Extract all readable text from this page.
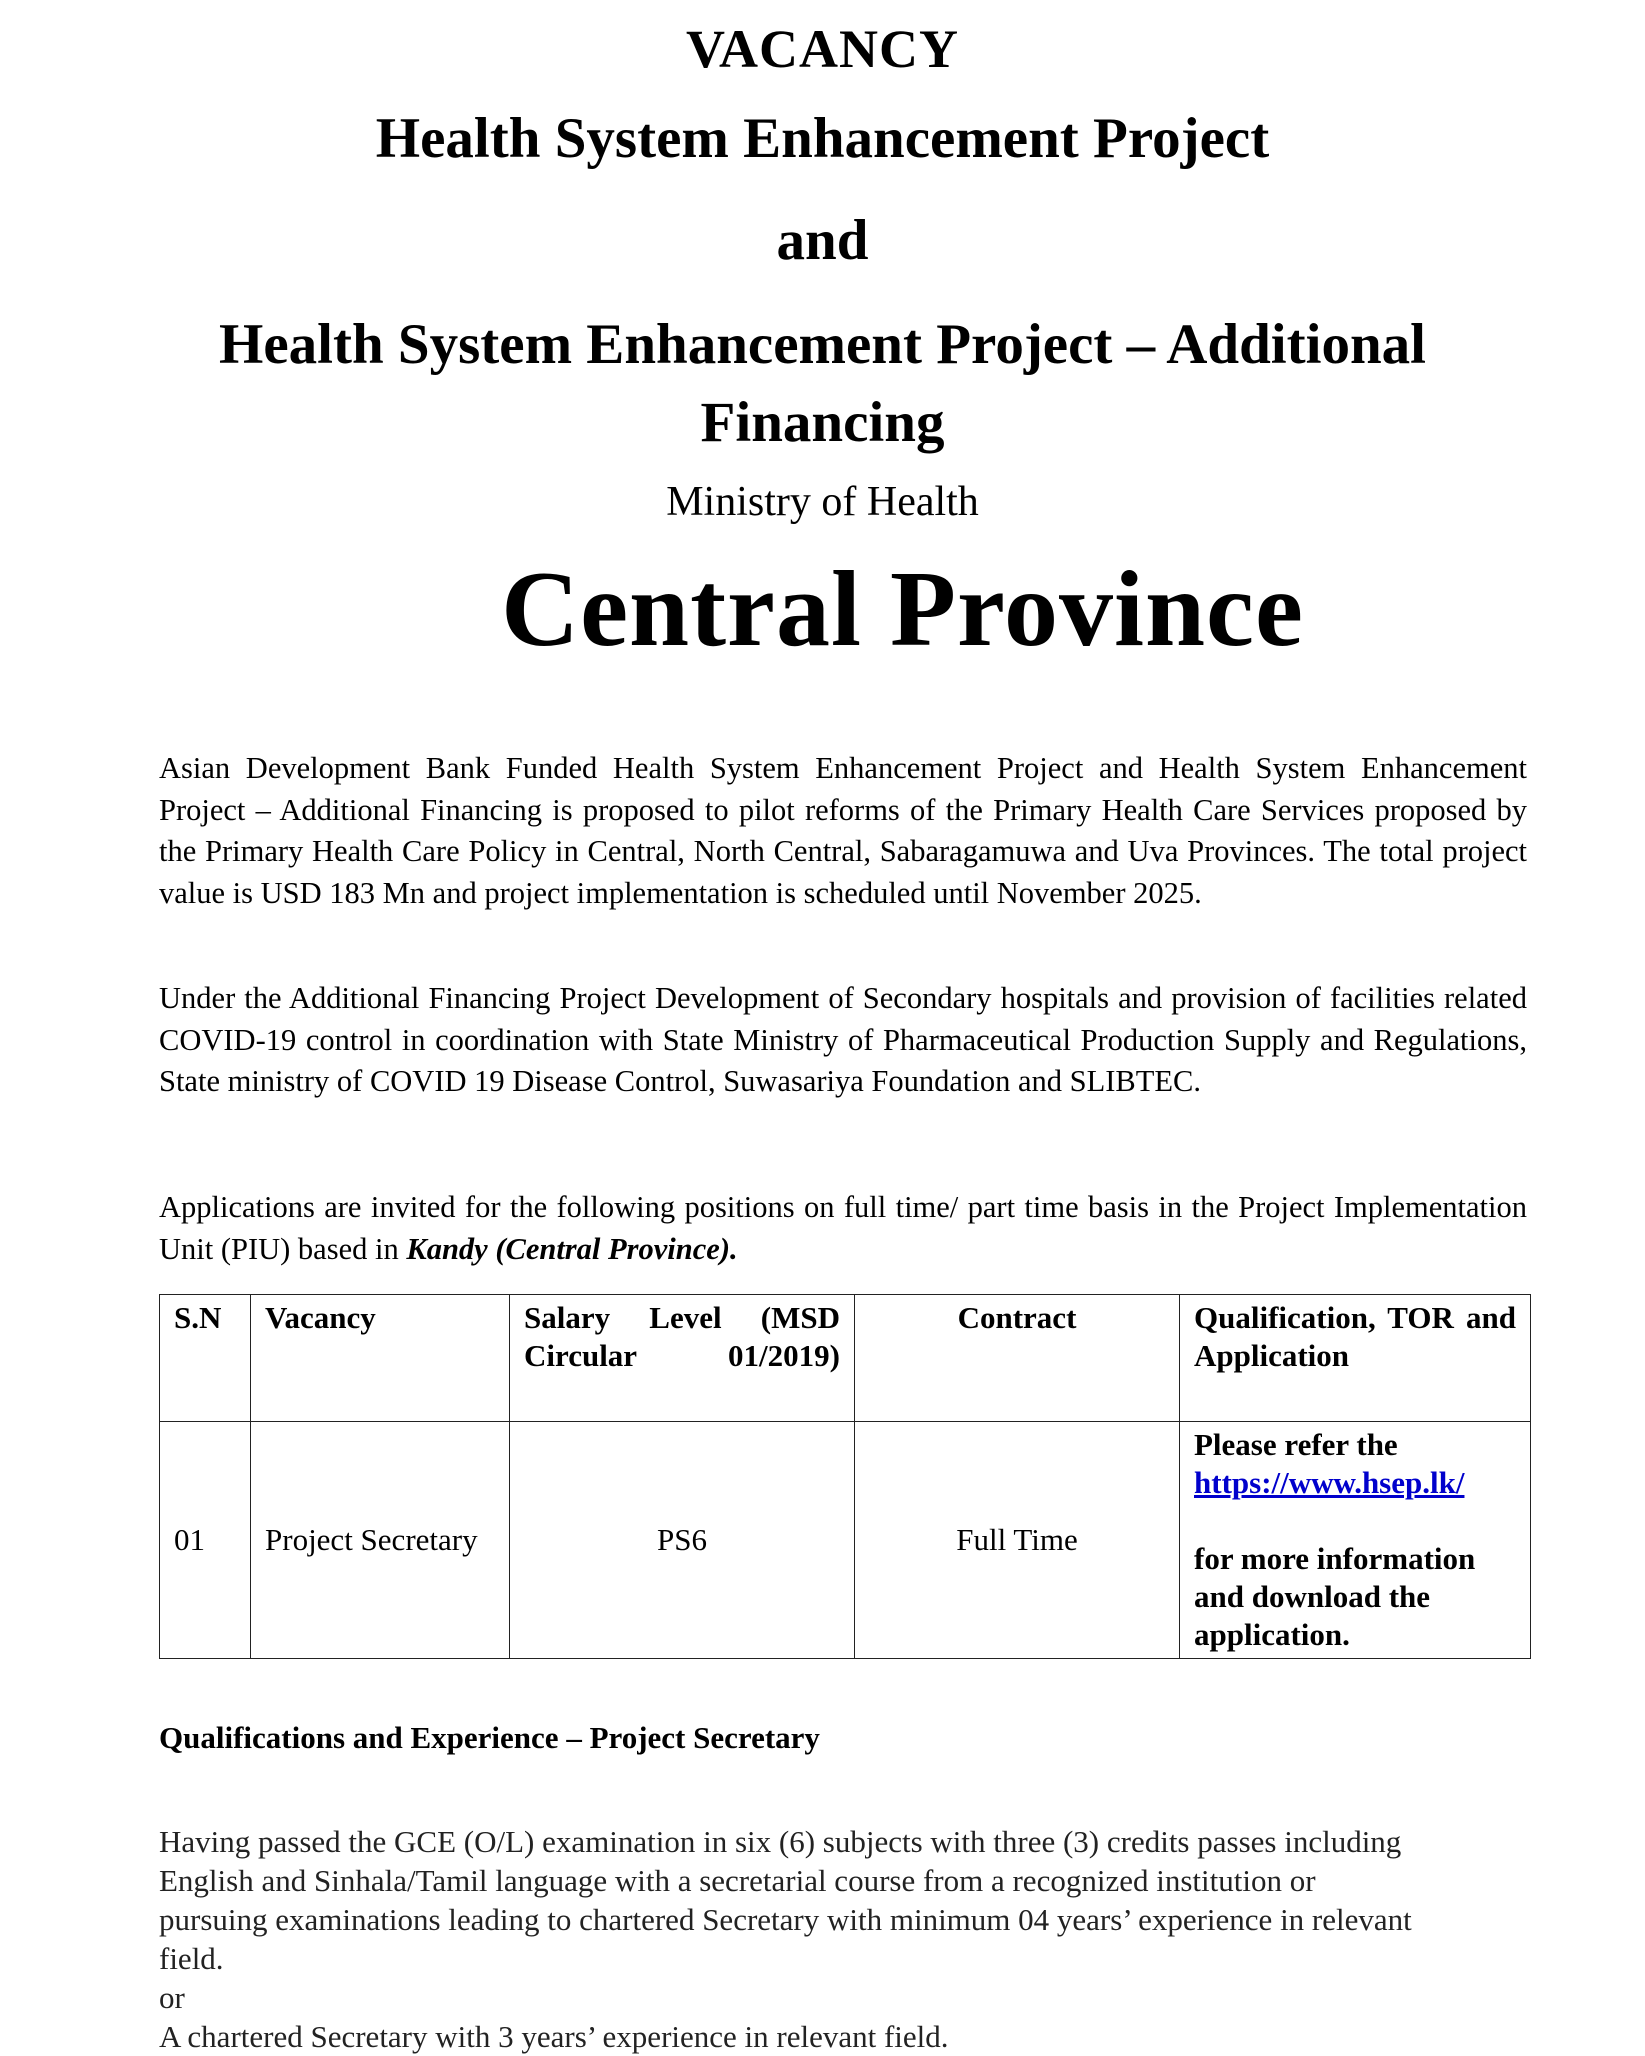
VACANCY
Health System Enhancement Project
and
Health System Enhancement Project – Additional
Financing
Ministry of Health
Central Province
Asian Development Bank Funded Health System Enhancement Project and Health System Enhancement Project – Additional Financing is proposed to pilot reforms of the Primary Health Care Services proposed by the Primary Health Care Policy in Central, North Central, Sabaragamuwa and Uva Provinces. The total project value is USD 183 Mn and project implementation is scheduled until November 2025.
Under the Additional Financing Project Development of Secondary hospitals and provision of facilities related COVID-19 control in coordination with State Ministry of Pharmaceutical Production Supply and Regulations, State ministry of COVID 19 Disease Control, Suwasariya Foundation and SLIBTEC.
Applications are invited for the following positions on full time/ part time basis in the Project Implementation Unit (PIU) based in Kandy (Central Province).
S.N	Vacancy	Salary Level (MSD Circular 01/2019)	Contract	Qualification, TOR and Application
01	Project Secretary	PS6	Full Time	Please refer the
https://www.hsep.lk/
for more information and download the application.
Qualifications and Experience – Project Secretary
Having passed the GCE (O/L) examination in six (6) subjects with three (3) credits passes including
English and Sinhala/Tamil language with a secretarial course from a recognized institution or
pursuing examinations leading to chartered Secretary with minimum 04 years’ experience in relevant
field.
or
A chartered Secretary with 3 years’ experience in relevant field.
